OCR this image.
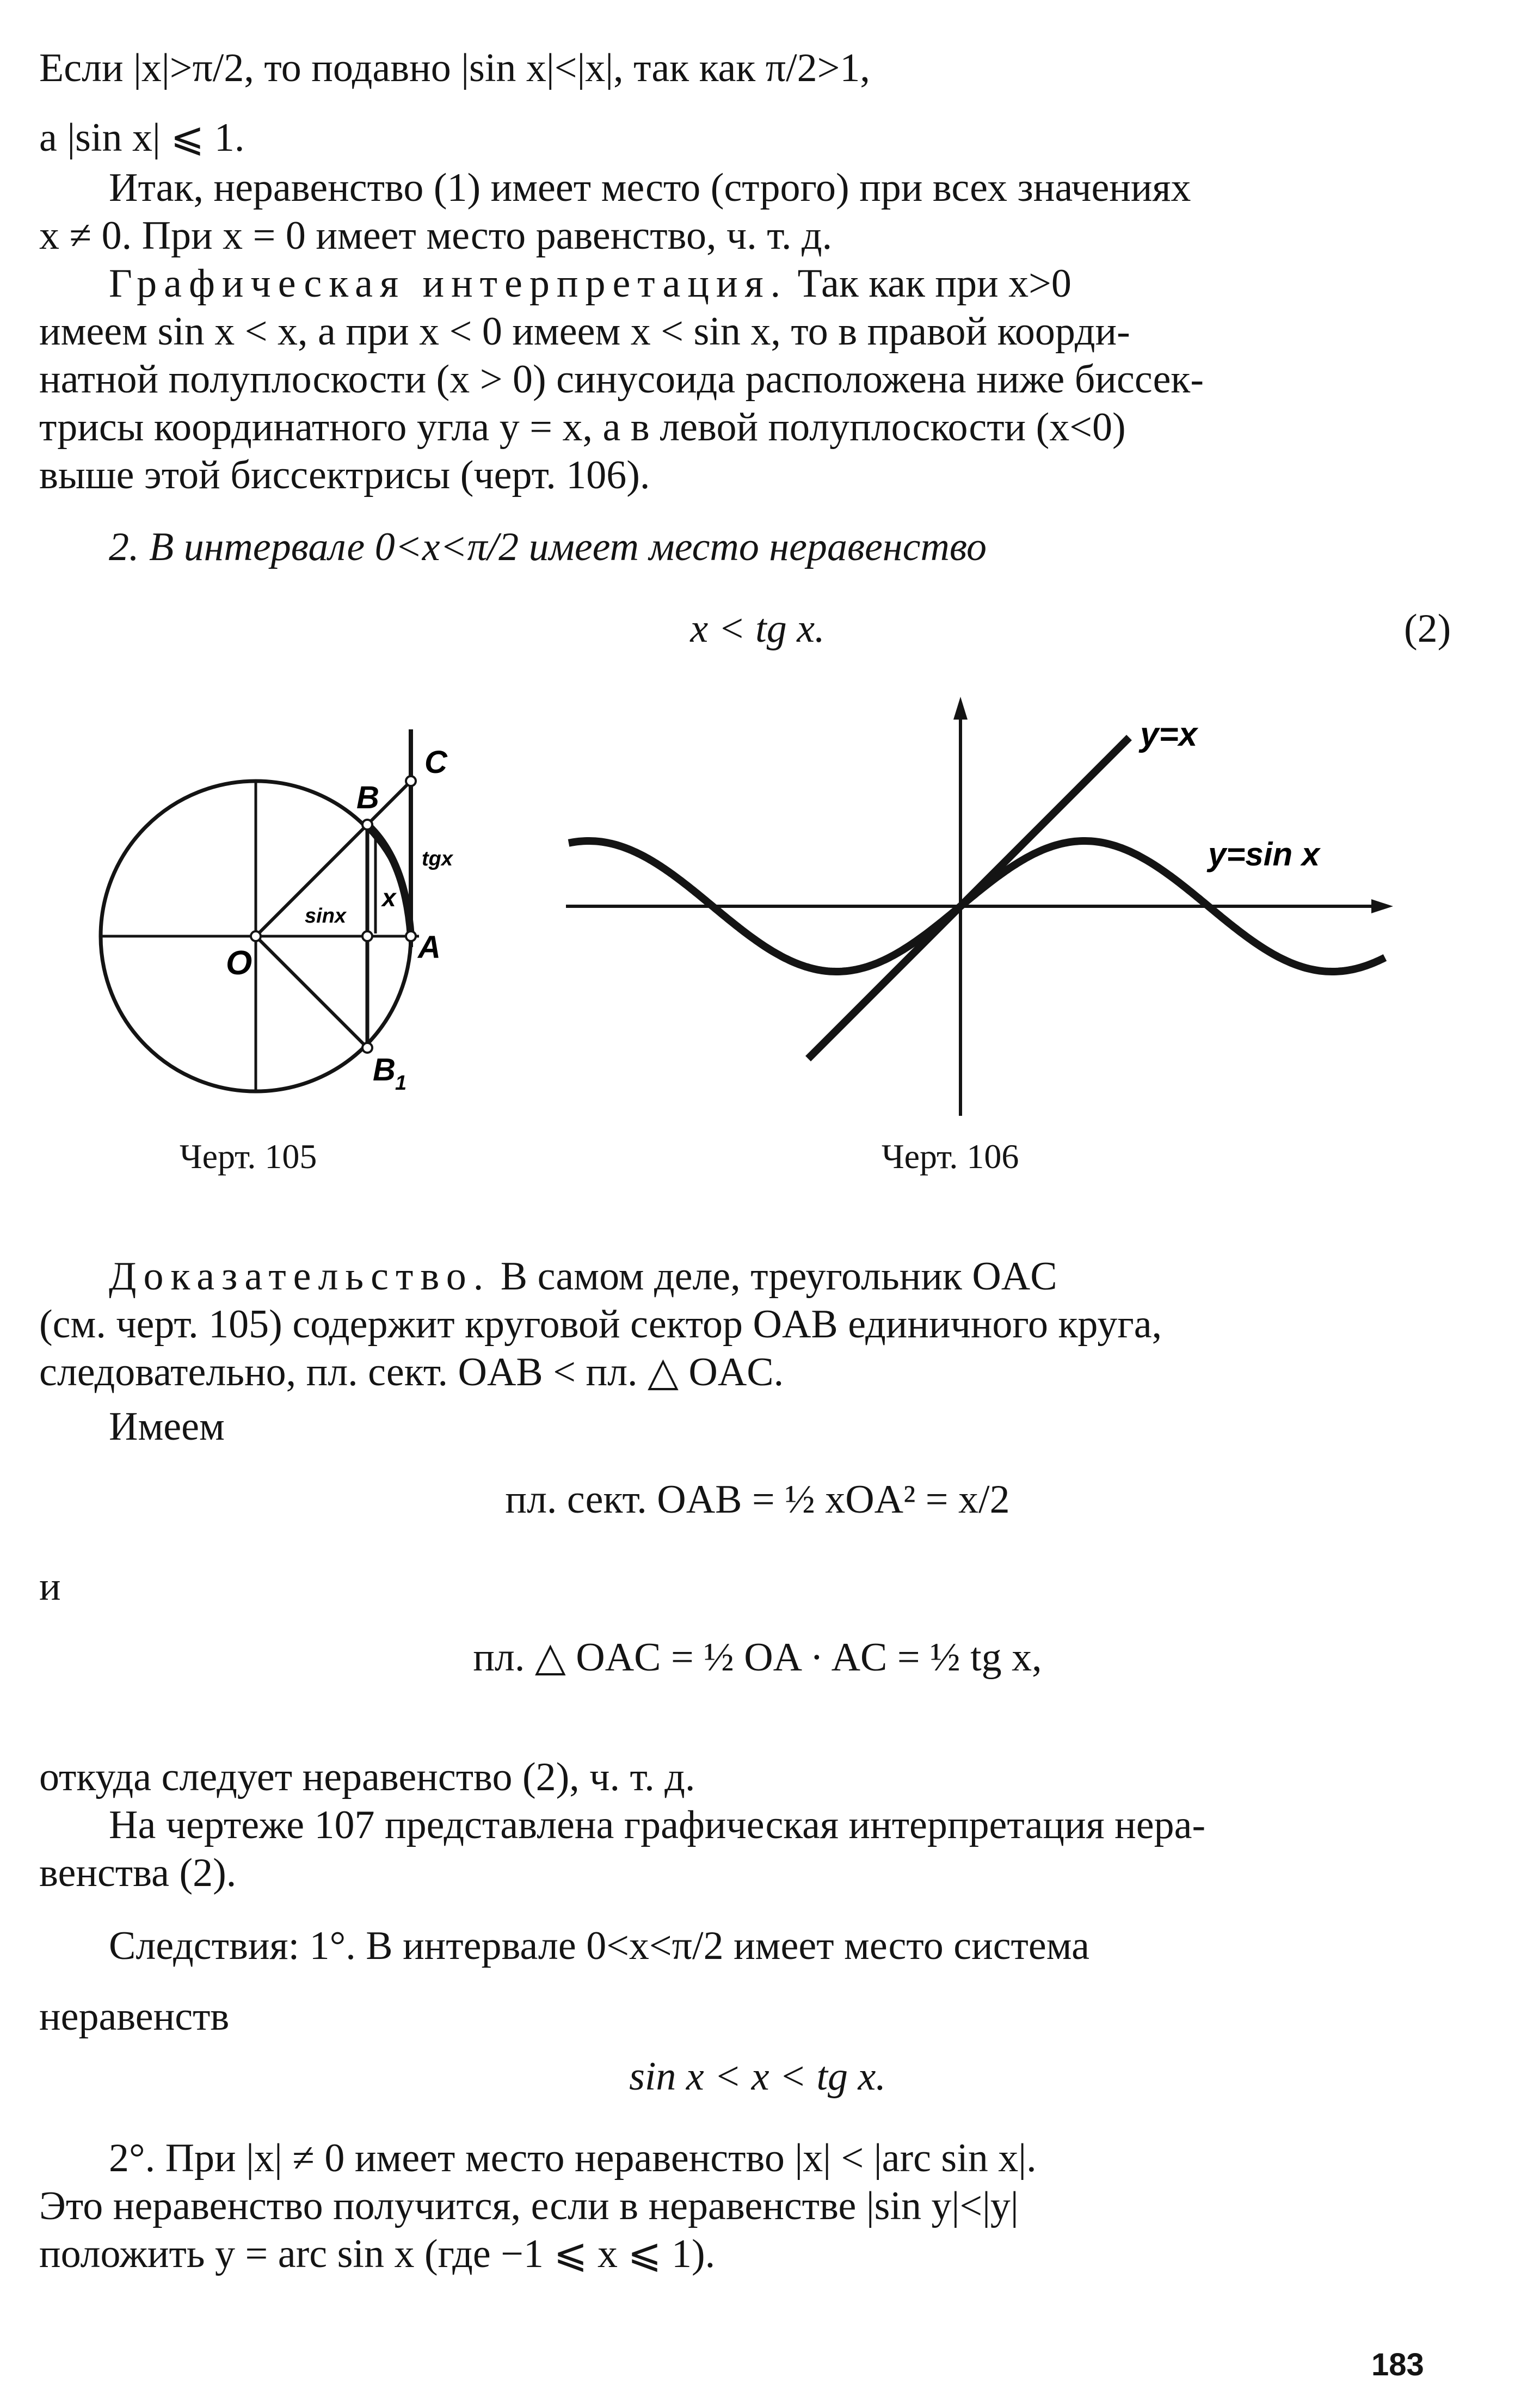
Если |x|>π/2, то подавно |sin x|<|x|, так как π/2>1,
а |sin x| ⩽ 1.
Итак, неравенство (1) имеет место (строго) при всех значениях
x ≠ 0. При x = 0 имеет место равенство, ч. т. д.
Графическая интерпретация. Так как при x>0
имеем sin x < x, а при x < 0 имеем x < sin x, то в правой коорди-
натной полуплоскости (x > 0) синусоида расположена ниже биссек-
трисы координатного угла y = x, а в левой полуплоскости (x<0)
выше этой биссектрисы (черт. 106).
2. В интервале 0<x<π/2 имеет место неравенство
x < tg x.	(2)
O	A
B
C
B 1
sinx
x
tgx
Черт. 105
y=x
y=sin x
Черт. 106
Доказательство. В самом деле, треугольник OAC
(см. черт. 105) содержит круговой сектор OAB единичного круга,
следовательно, пл. сект. OAB < пл. △ OAC.
Имеем
пл. сект. OAB = ½ xOA² = x/2
и
пл. △ OAC = ½ OA · AC = ½ tg x,
откуда следует неравенство (2), ч. т. д.
На чертеже 107 представлена графическая интерпретация нера-
венства (2).
Следствия: 1°. В интервале 0<x<π/2 имеет место система
неравенств
sin x < x < tg x.
2°. При |x| ≠ 0 имеет место неравенство |x| < |arc sin x|.
Это неравенство получится, если в неравенстве |sin y|<|y|
положить y = arc sin x (где −1 ⩽ x ⩽ 1).
183
